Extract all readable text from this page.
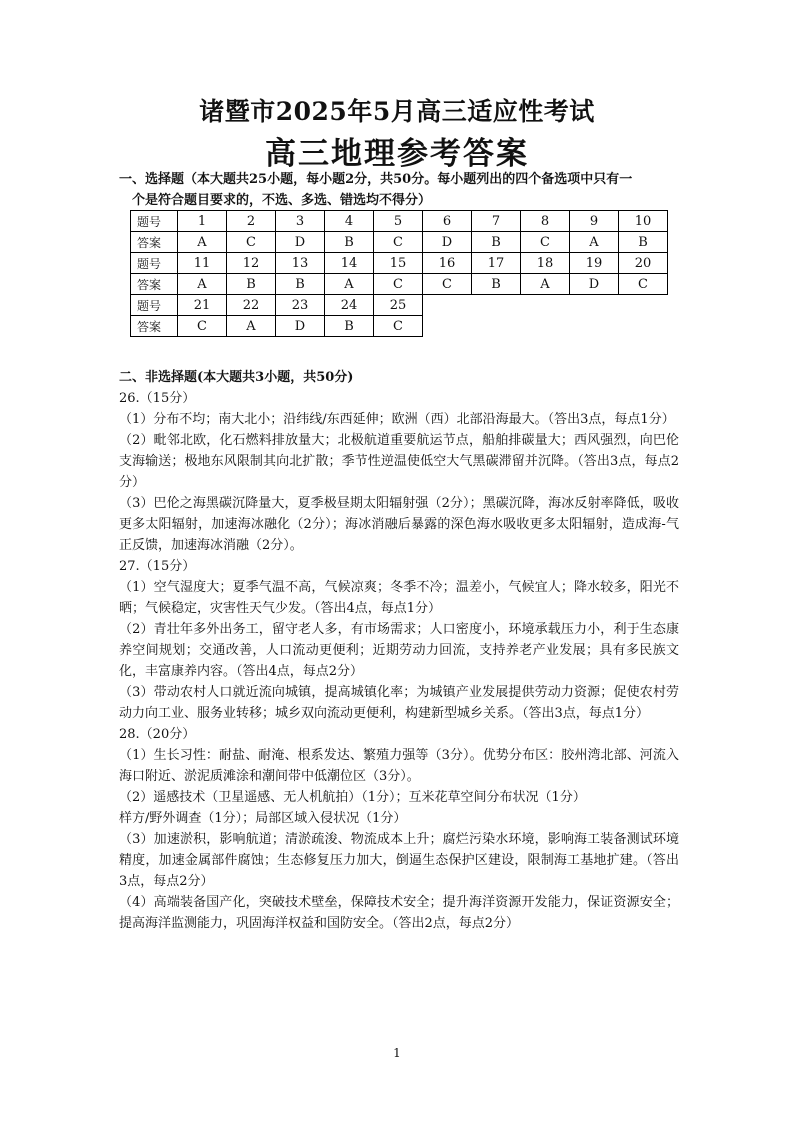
诸暨市2025年5月高三适应性考试
高三地理参考答案
一、选择题（本大题共25小题，每小题2分，共50分。每小题列出的四个备选项中只有一
个是符合题目要求的，不选、多选、错选均不得分）
题号	1	2	3	4	5	6	7	8	9	10
答案	A	C	D	B	C	D	B	C	A	B
题号	11	12	13	14	15	16	17	18	19	20
答案	A	B	B	A	C	C	B	A	D	C
题号	21	22	23	24	25					
答案	C	A	D	B	C					

二、非选择题(本大题共3小题，共50分)

26.（15分）

（1）分布不均；南大北小；沿纬线/东西延伸；欧洲（西）北部沿海最大。（答出3点，每点1分）

（2）毗邻北欧，化石燃料排放量大；北极航道重要航运节点，船舶排碳量大；西风强烈，向巴伦支海输送；极地东风限制其向北扩散；季节性逆温使低空大气黑碳滞留并沉降。（答出3点，每点2分）

（3）巴伦之海黑碳沉降量大，夏季极昼期太阳辐射强（2分）；黑碳沉降，海冰反射率降低，吸收更多太阳辐射，加速海冰融化（2分）；海冰消融后暴露的深色海水吸收更多太阳辐射，造成海-气正反馈，加速海冰消融（2分）。

27.（15分）

（1）空气湿度大；夏季气温不高，气候凉爽；冬季不冷；温差小，气候宜人；降水较多，阳光不晒；气候稳定，灾害性天气少发。（答出4点，每点1分）

（2）青壮年多外出务工，留守老人多，有市场需求；人口密度小，环境承载压力小，利于生态康养空间规划；交通改善，人口流动更便利；近期劳动力回流，支持养老产业发展；具有多民族文化，丰富康养内容。（答出4点，每点2分）

（3）带动农村人口就近流向城镇，提高城镇化率；为城镇产业发展提供劳动力资源；促使农村劳动力向工业、服务业转移；城乡双向流动更便利，构建新型城乡关系。（答出3点，每点1分）

28.（20分）

（1）生长习性：耐盐、耐淹、根系发达、繁殖力强等（3分）。优势分布区：胶州湾北部、河流入海口附近、淤泥质滩涂和潮间带中低潮位区（3分）。

（2）遥感技术（卫星遥感、无人机航拍）（1分）；互米花草空间分布状况（1分）

样方/野外调查（1分）；局部区域入侵状况（1分）

（3）加速淤积，影响航道；清淤疏浚、物流成本上升；腐烂污染水环境，影响海工装备测试环境精度，加速金属部件腐蚀；生态修复压力加大，倒逼生态保护区建设，限制海工基地扩建。（答出3点，每点2分）

（4）高端装备国产化，突破技术壁垒，保障技术安全；提升海洋资源开发能力，保证资源安全；提高海洋监测能力，巩固海洋权益和国防安全。（答出2点，每点2分）

1
